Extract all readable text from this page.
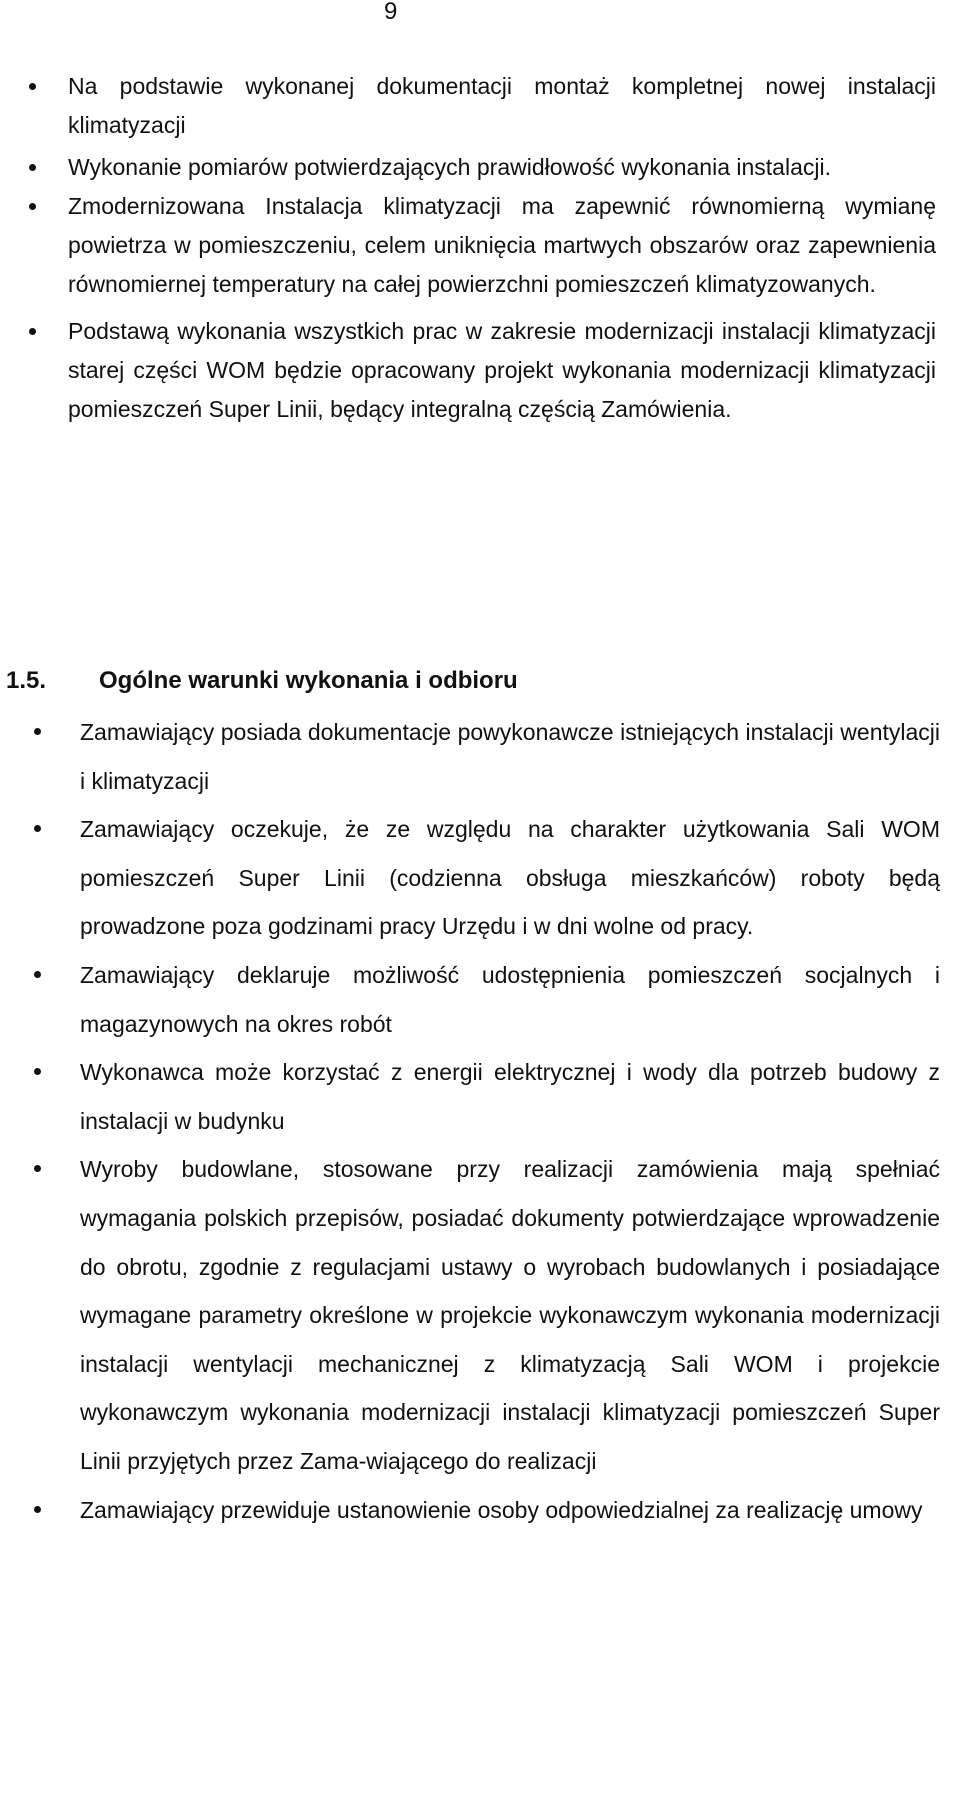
9
Na podstawie wykonanej dokumentacji montaż kompletnej nowej instalacji klimatyzacji
Wykonanie pomiarów potwierdzających prawidłowość wykonania instalacji.
Zmodernizowana Instalacja klimatyzacji ma zapewnić równomierną wymianę powietrza w pomieszczeniu, celem uniknięcia martwych obszarów oraz zapewnienia równomiernej temperatury na całej powierzchni pomieszczeń klimatyzowanych.
Podstawą wykonania wszystkich prac w zakresie modernizacji instalacji klimatyzacji starej części WOM będzie opracowany projekt wykonania modernizacji klimatyzacji pomieszczeń Super Linii, będący integralną częścią Zamówienia.
1.5. Ogólne warunki wykonania i odbioru
Zamawiający posiada dokumentacje powykonawcze istniejących instalacji wentylacji i klimatyzacji
Zamawiający oczekuje, że ze względu na charakter użytkowania Sali WOM pomieszczeń Super Linii (codzienna obsługa mieszkańców) roboty będą prowadzone poza godzinami pracy Urzędu i w dni wolne od pracy.
Zamawiający deklaruje możliwość udostępnienia pomieszczeń socjalnych i magazynowych na okres robót
Wykonawca może korzystać z energii elektrycznej i wody dla potrzeb budowy z instalacji w budynku
Wyroby budowlane, stosowane przy realizacji zamówienia mają spełniać wymagania polskich przepisów, posiadać dokumenty potwierdzające wprowadzenie do obrotu, zgodnie z regulacjami ustawy o wyrobach budowlanych i posiadające wymagane parametry określone w projekcie wykonawczym wykonania modernizacji instalacji wentylacji mechanicznej z klimatyzacją Sali WOM i projekcie wykonawczym wykonania modernizacji instalacji klimatyzacji pomieszczeń Super Linii przyjętych przez Zama-wiającego do realizacji
Zamawiający przewiduje ustanowienie osoby odpowiedzialnej za realizację umowy
